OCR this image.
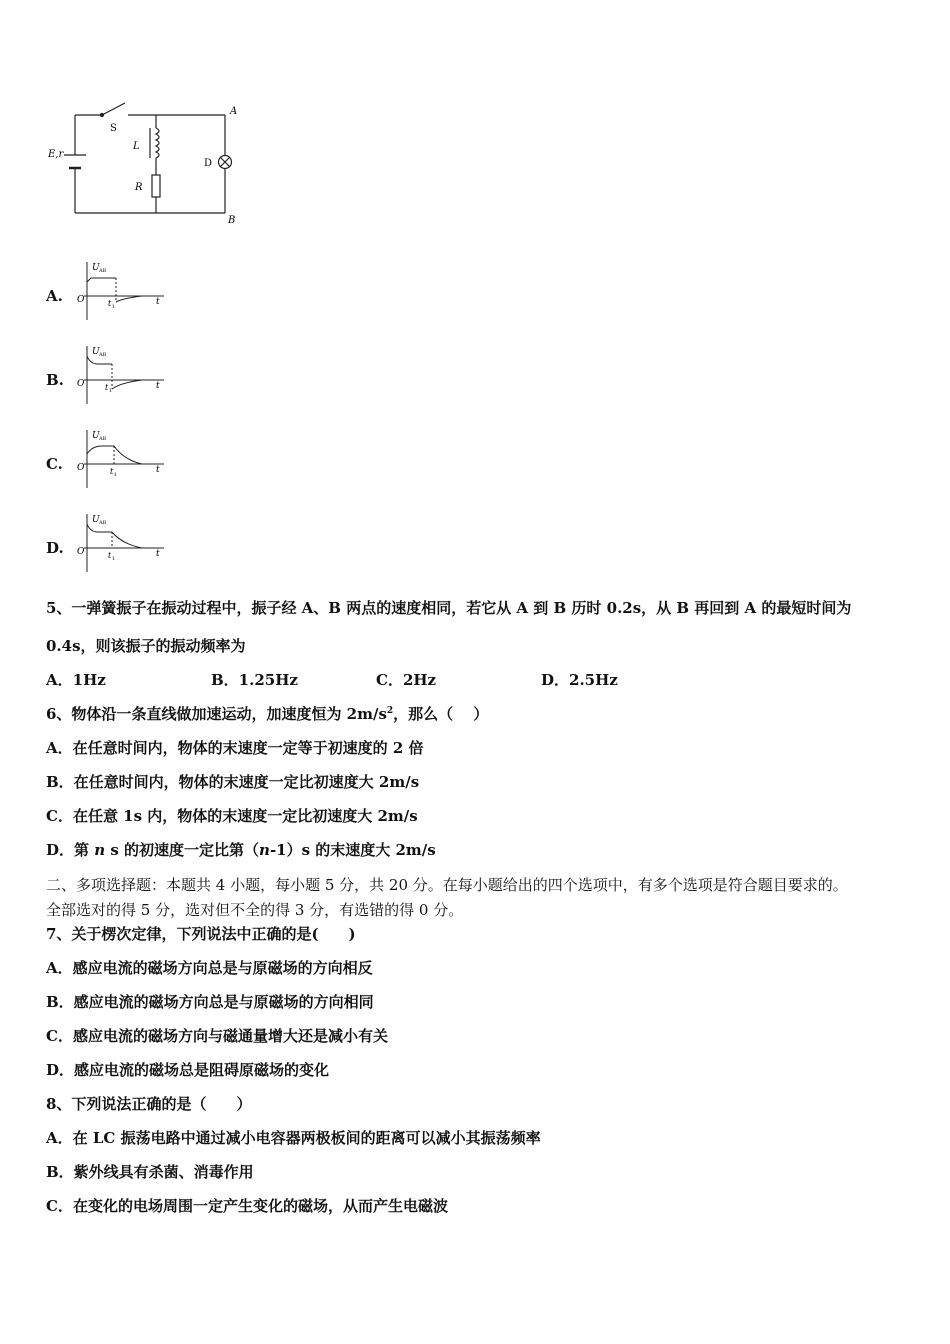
S
E,r
L
R
D
A
B
A.
U AB
O	t
t 1
B.
U AB
O	t
t 1
C.
U AB
O	t
t 1
D.
U AB
O	t
t 1
5、一弹簧振子在振动过程中，振子经 A、B 两点的速度相同，若它从 A 到 B 历时 0.2s，从 B 再回到 A 的最短时间为
0.4s，则该振子的振动频率为
A．1Hz	B．1.25Hz	C．2Hz	D．2.5Hz
6、物体沿一条直线做加速运动，加速度恒为 $2m/s^2$，那么（　 ）
A．在任意时间内，物体的末速度一定等于初速度的 2 倍
B．在任意时间内，物体的末速度一定比初速度大 2m/s
C．在任意 1s 内，物体的末速度一定比初速度大 2m/s
D．第 n s 的初速度一定比第（n-1）s 的末速度大 2m/s
二、多项选择题：本题共 4 小题，每小题 5 分，共 20 分。在每小题给出的四个选项中，有多个选项是符合题目要求的。
全部选对的得 5 分，选对但不全的得 3 分，有选错的得 0 分。
7、关于楞次定律，下列说法中正确的是(　　)
A．感应电流的磁场方向总是与原磁场的方向相反
B．感应电流的磁场方向总是与原磁场的方向相同
C．感应电流的磁场方向与磁通量增大还是减小有关
D．感应电流的磁场总是阻碍原磁场的变化
8、下列说法正确的是（　　）
A．在 LC 振荡电路中通过减小电容器两极板间的距离可以减小其振荡频率
B．紫外线具有杀菌、消毒作用
C．在变化的电场周围一定产生变化的磁场，从而产生电磁波
